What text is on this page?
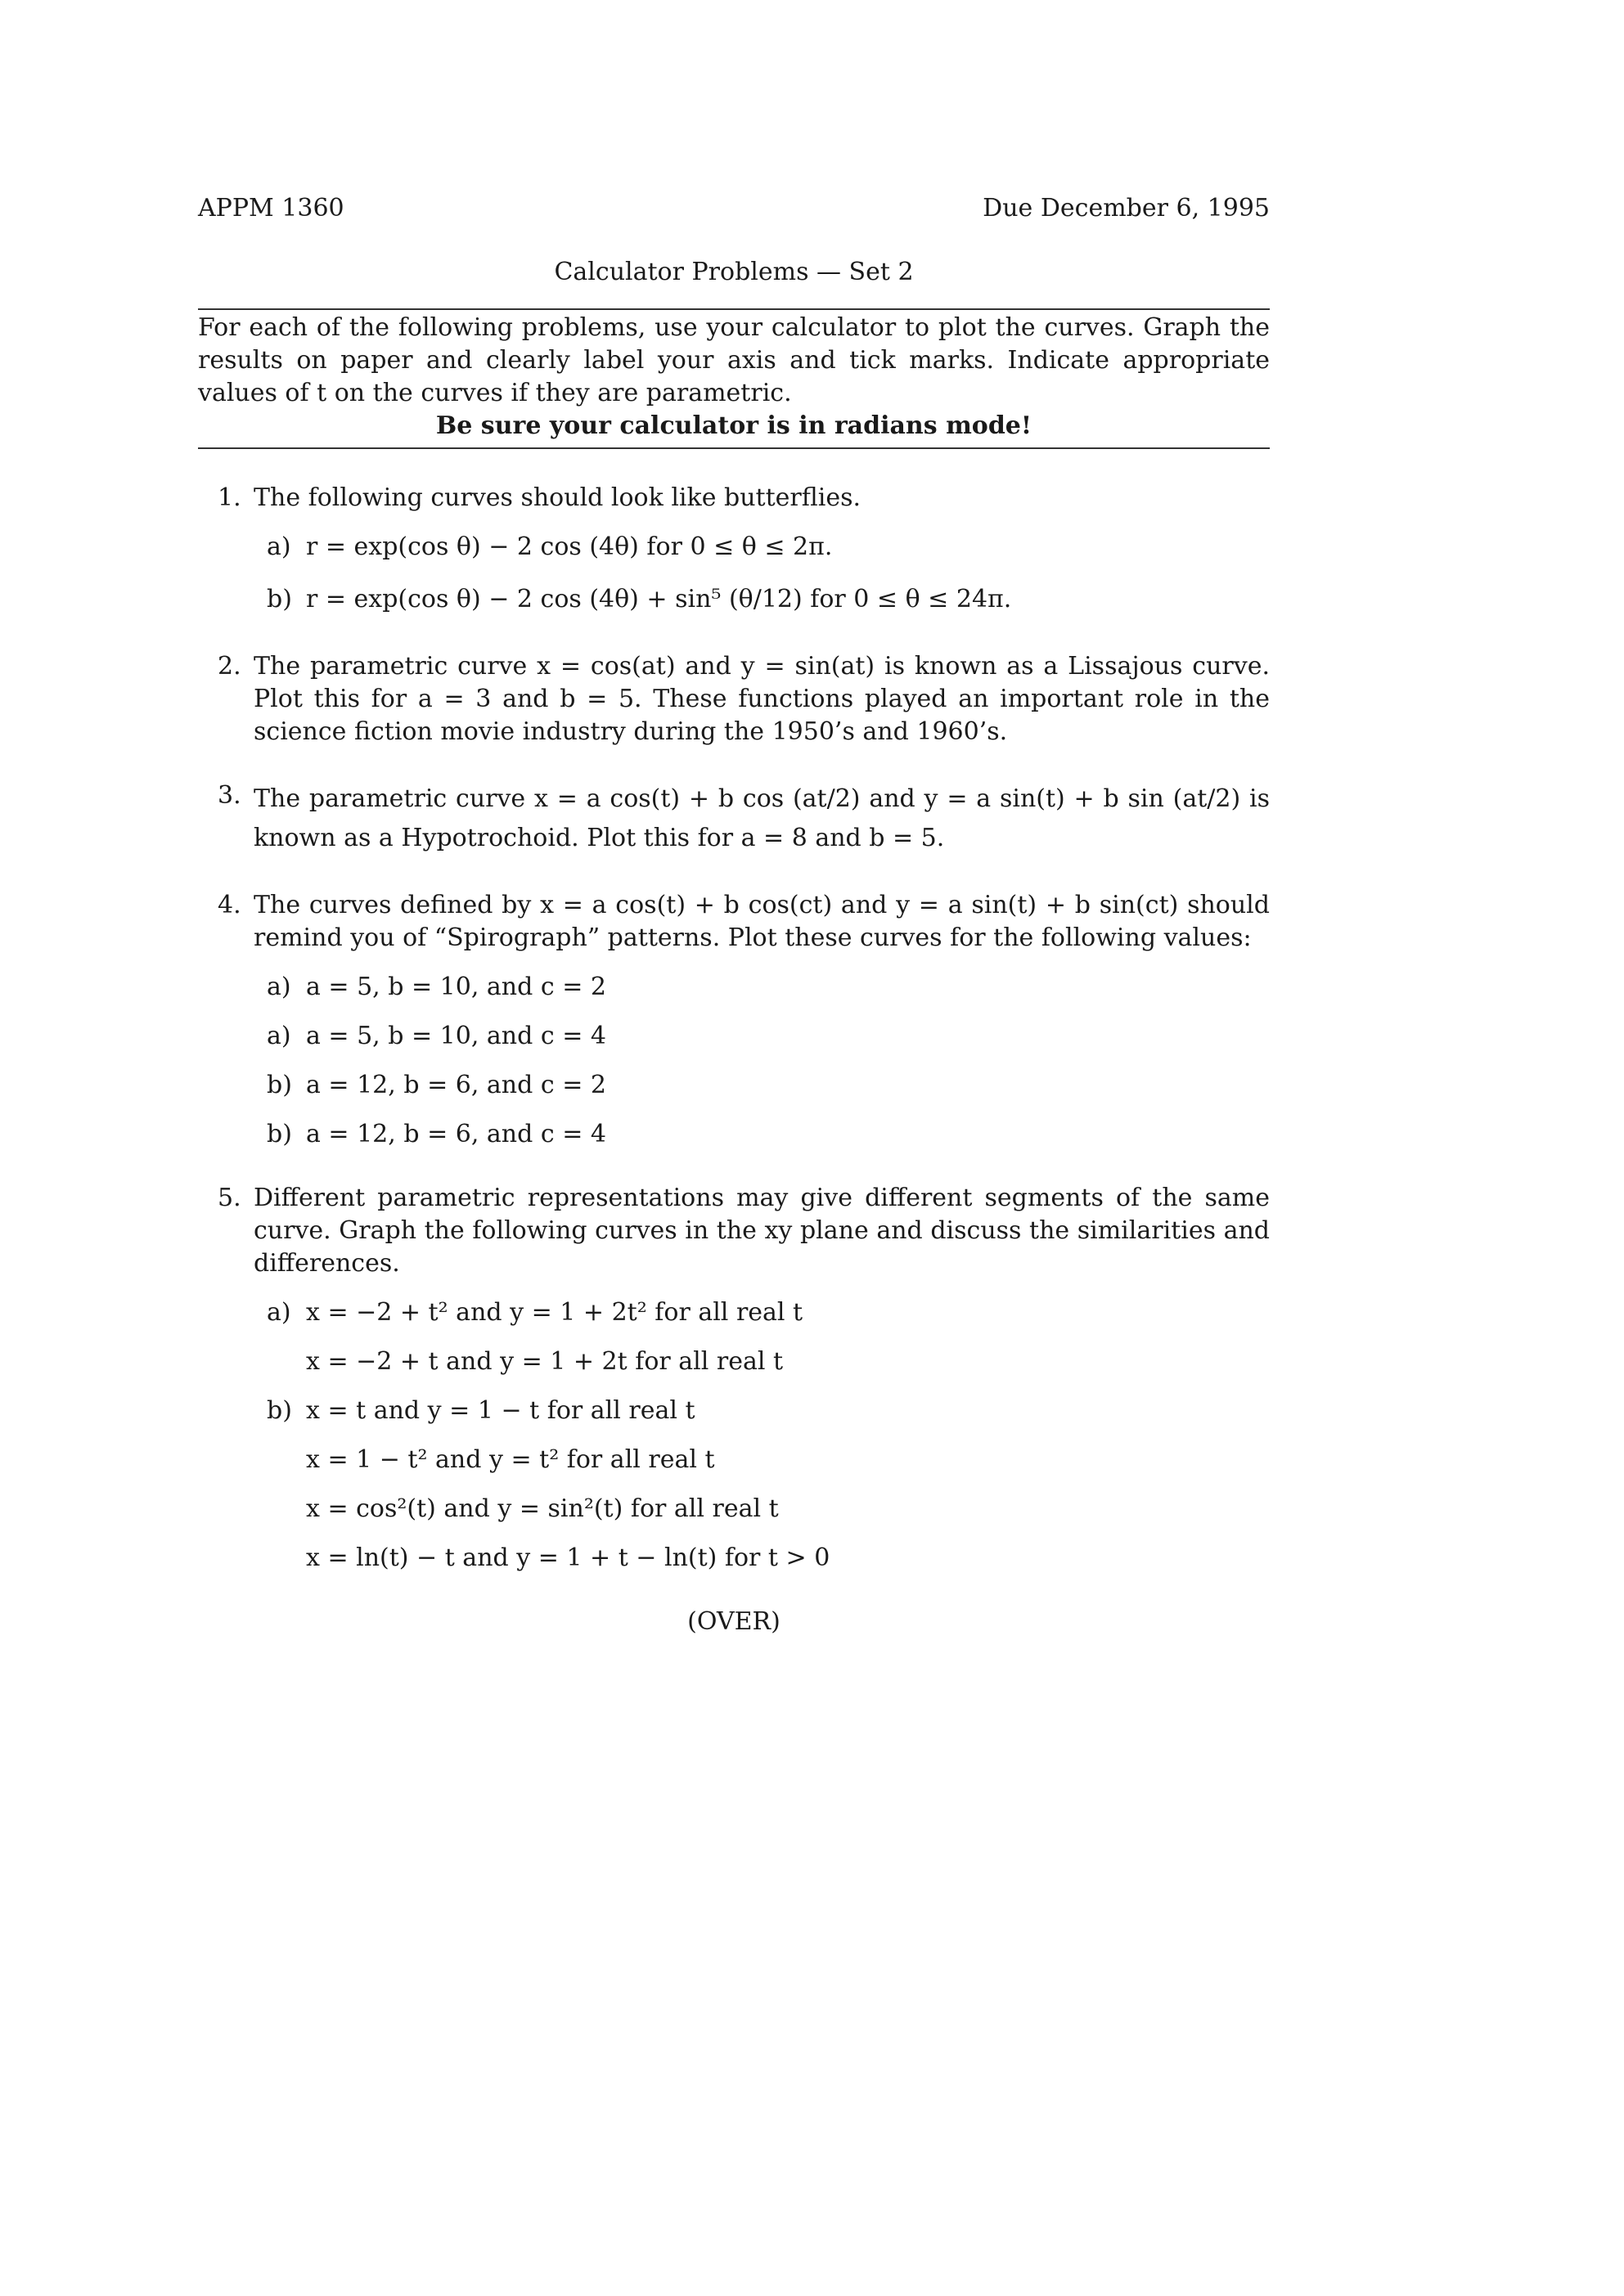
APPM 1360	Due December 6, 1995
Calculator Problems — Set 2
For each of the following problems, use your calculator to plot the curves. Graph the results on paper and clearly label your axis and tick marks. Indicate appropriate values of t on the curves if they are parametric.
Be sure your calculator is in radians mode!
1. The following curves should look like butterflies.
a) r = exp(cos θ) − 2 cos (4θ) for 0 ≤ θ ≤ 2π.
b) r = exp(cos θ) − 2 cos (4θ) + sin⁵ (θ/12) for 0 ≤ θ ≤ 24π.
2. The parametric curve x = cos(at) and y = sin(at) is known as a Lissajous curve. Plot this for a = 3 and b = 5. These functions played an important role in the science fiction movie industry during the 1950’s and 1960’s.
3. The parametric curve x = a cos(t) + b cos (at/2) and y = a sin(t) + b sin (at/2) is known as a Hypotrochoid. Plot this for a = 8 and b = 5.
4. The curves defined by x = a cos(t) + b cos(ct) and y = a sin(t) + b sin(ct) should remind you of “Spirograph” patterns. Plot these curves for the following values:
a) a = 5, b = 10, and c = 2
a) a = 5, b = 10, and c = 4
b) a = 12, b = 6, and c = 2
b) a = 12, b = 6, and c = 4
5. Different parametric representations may give different segments of the same curve. Graph the following curves in the xy plane and discuss the similarities and differences.
a) x = −2 + t² and y = 1 + 2t² for all real t
x = −2 + t and y = 1 + 2t for all real t
b) x = t and y = 1 − t for all real t
x = 1 − t² and y = t² for all real t
x = cos²(t) and y = sin²(t) for all real t
x = ln(t) − t and y = 1 + t − ln(t) for t > 0
(OVER)
